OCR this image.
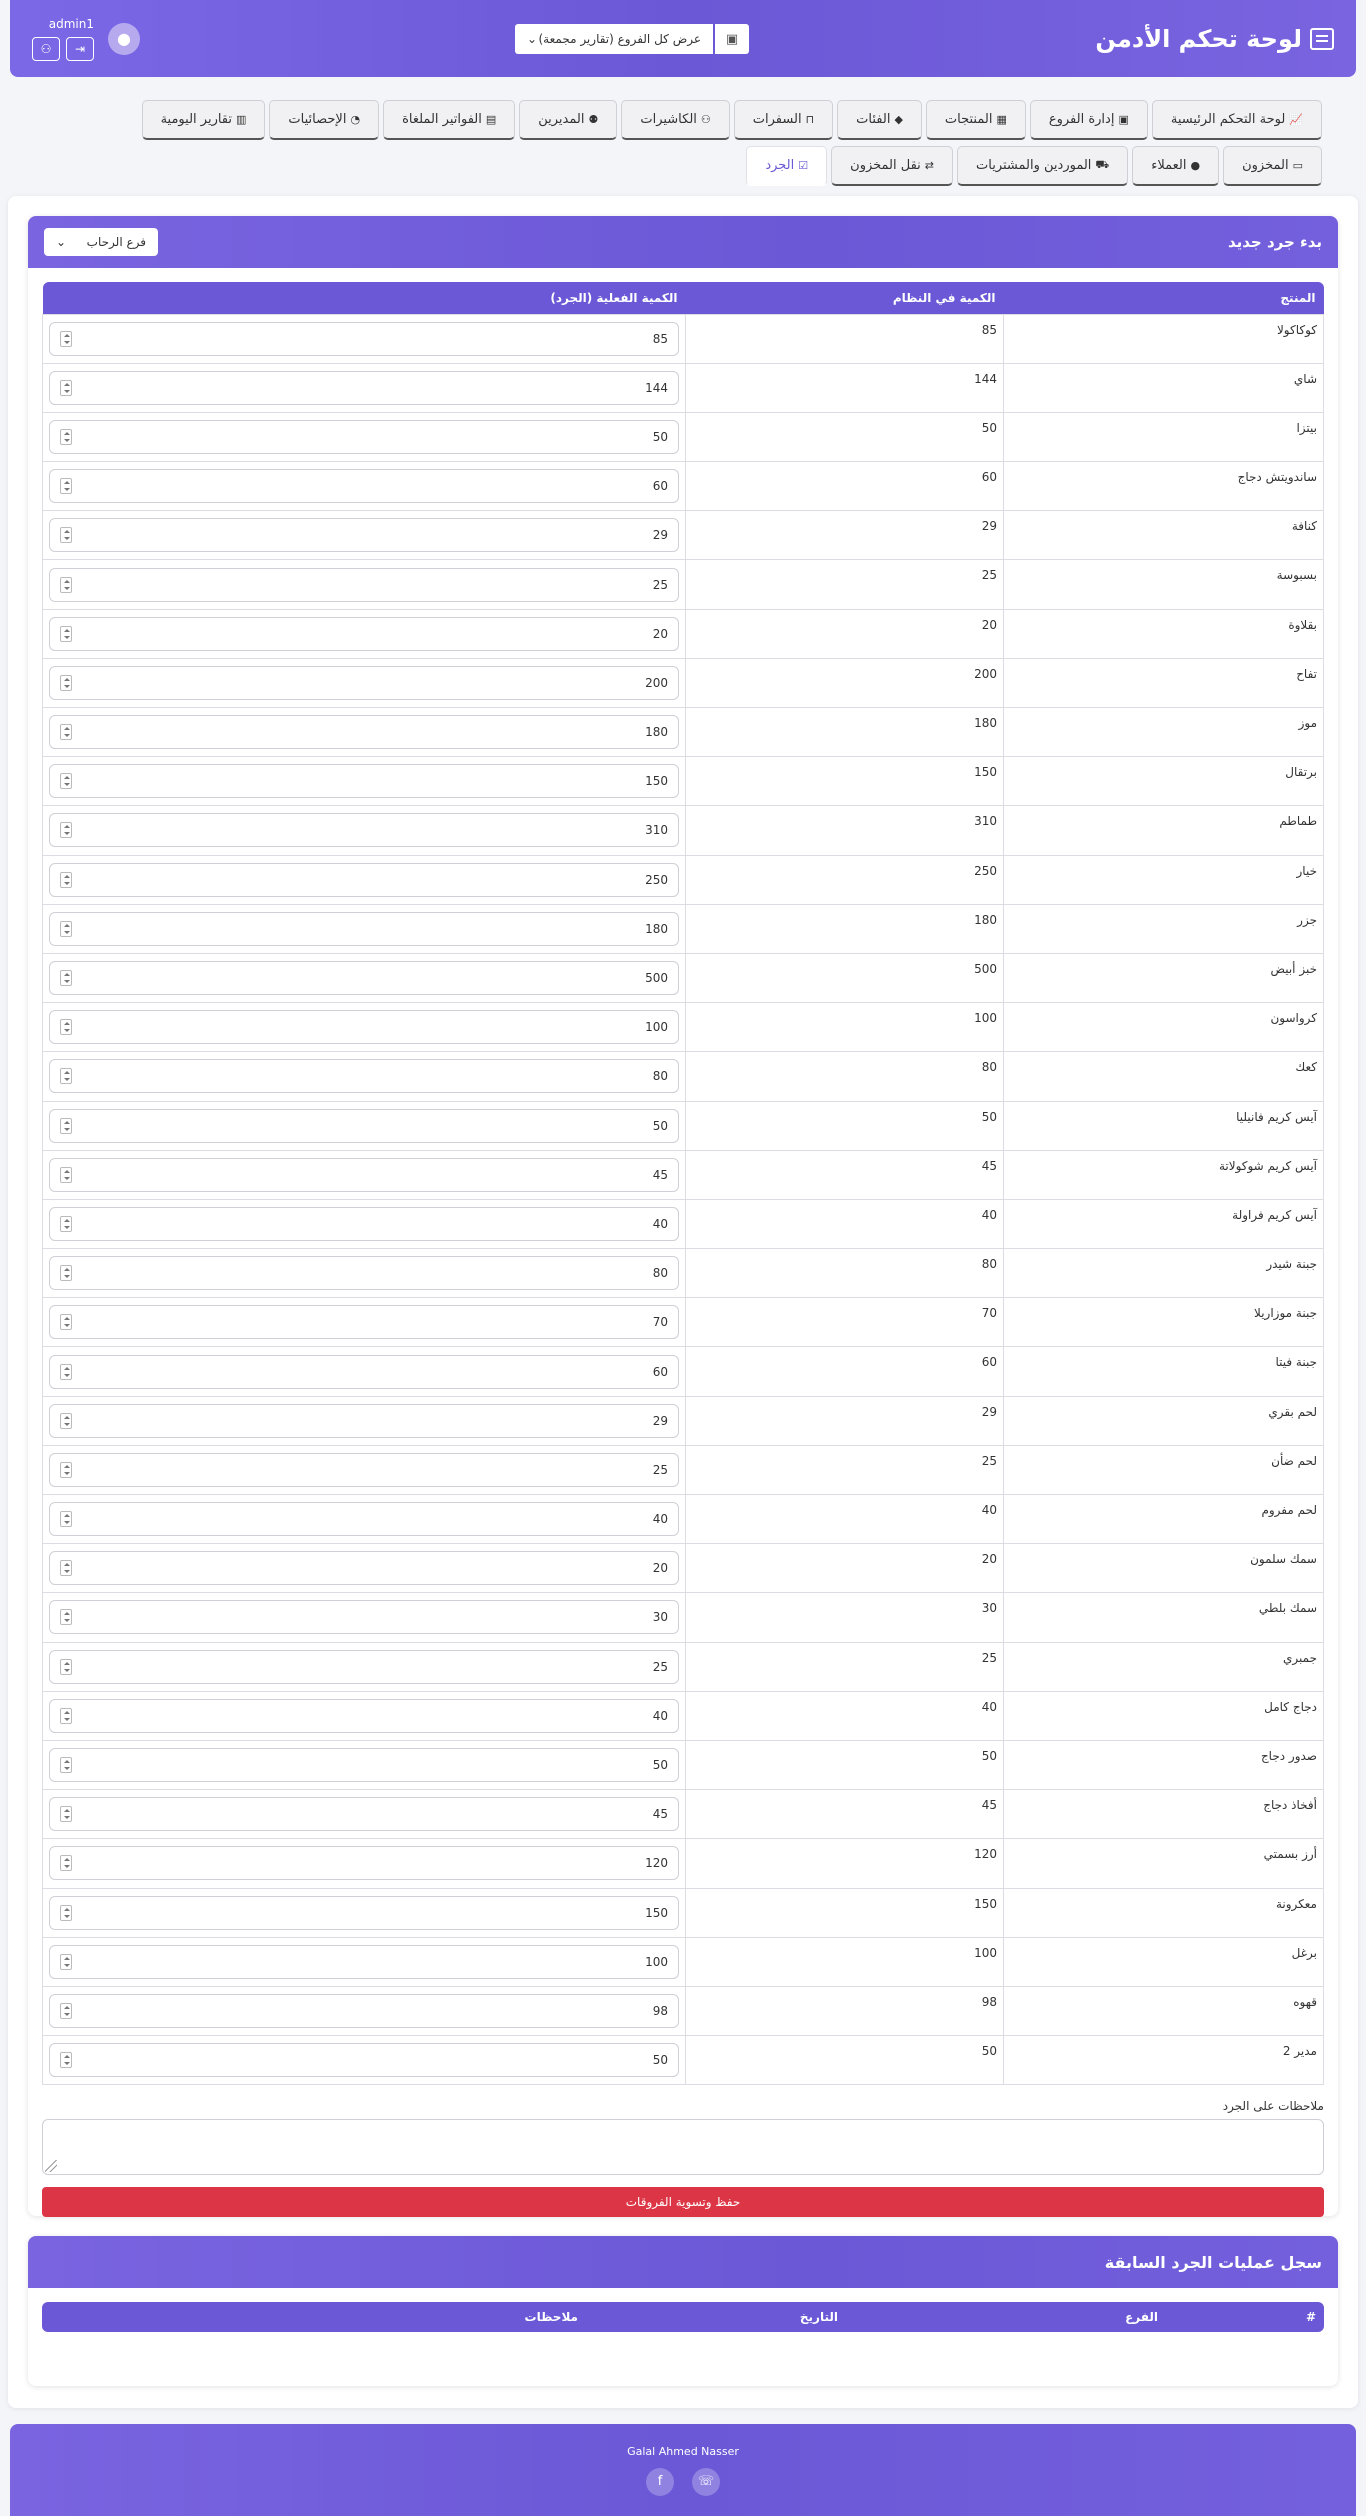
لوحة تحكم الأدمن
▣
عرض كل الفروع (تقارير مجمعة)
⌄
●
admin1
⚇	⇥
📈
لوحة التحكم الرئيسية
▣
إدارة الفروع
▦
المنتجات
◆
الفئات
⊓
السفرات
⚇
الكاشيرات
⚉
المديرين
▤
الفواتير الملغاة
◔
الإحصائيات
▥
تقارير اليومية
▭
المخزون
●
العملاء
⛟
الموردين والمشتريات
⇄
نقل المخزون
☑
الجرد
بدء جرد جديد
فرع الرحاب
⌄
المنتج	الكمية في النظام	الكمية الفعلية (الجرد)
كوكاكولا	85	85

شاي	144	144

بيتزا	50	50

ساندويتش دجاج	60	60

كنافة	29	29

بسبوسة	25	25

بقلاوة	20	20

تفاح	200	200

موز	180	180

برتقال	150	150

طماطم	310	310

خيار	250	250

جزر	180	180

خبز أبيض	500	500

كرواسون	100	100

كعك	80	80

آيس كريم فانيليا	50	50

آيس كريم شوكولاتة	45	45

آيس كريم فراولة	40	40

جبنة شيدر	80	80

جبنة موزاريلا	70	70

جبنة فيتا	60	60

لحم بقري	29	29

لحم ضأن	25	25

لحم مفروم	40	40

سمك سلمون	20	20

سمك بلطي	30	30

جمبري	25	25

دجاج كامل	40	40

صدور دجاج	50	50

أفخاذ دجاج	45	45

أرز بسمتي	120	120

معكرونة	150	150

برغل	100	100

قهوه	98	98

مدير 2	50	50
ملاحظات على الجرد
حفظ وتسوية الفروقات
سجل عمليات الجرد السابقة
#
الفرع
التاريخ
ملاحظات
Galal Ahmed Nasser
f	☏
